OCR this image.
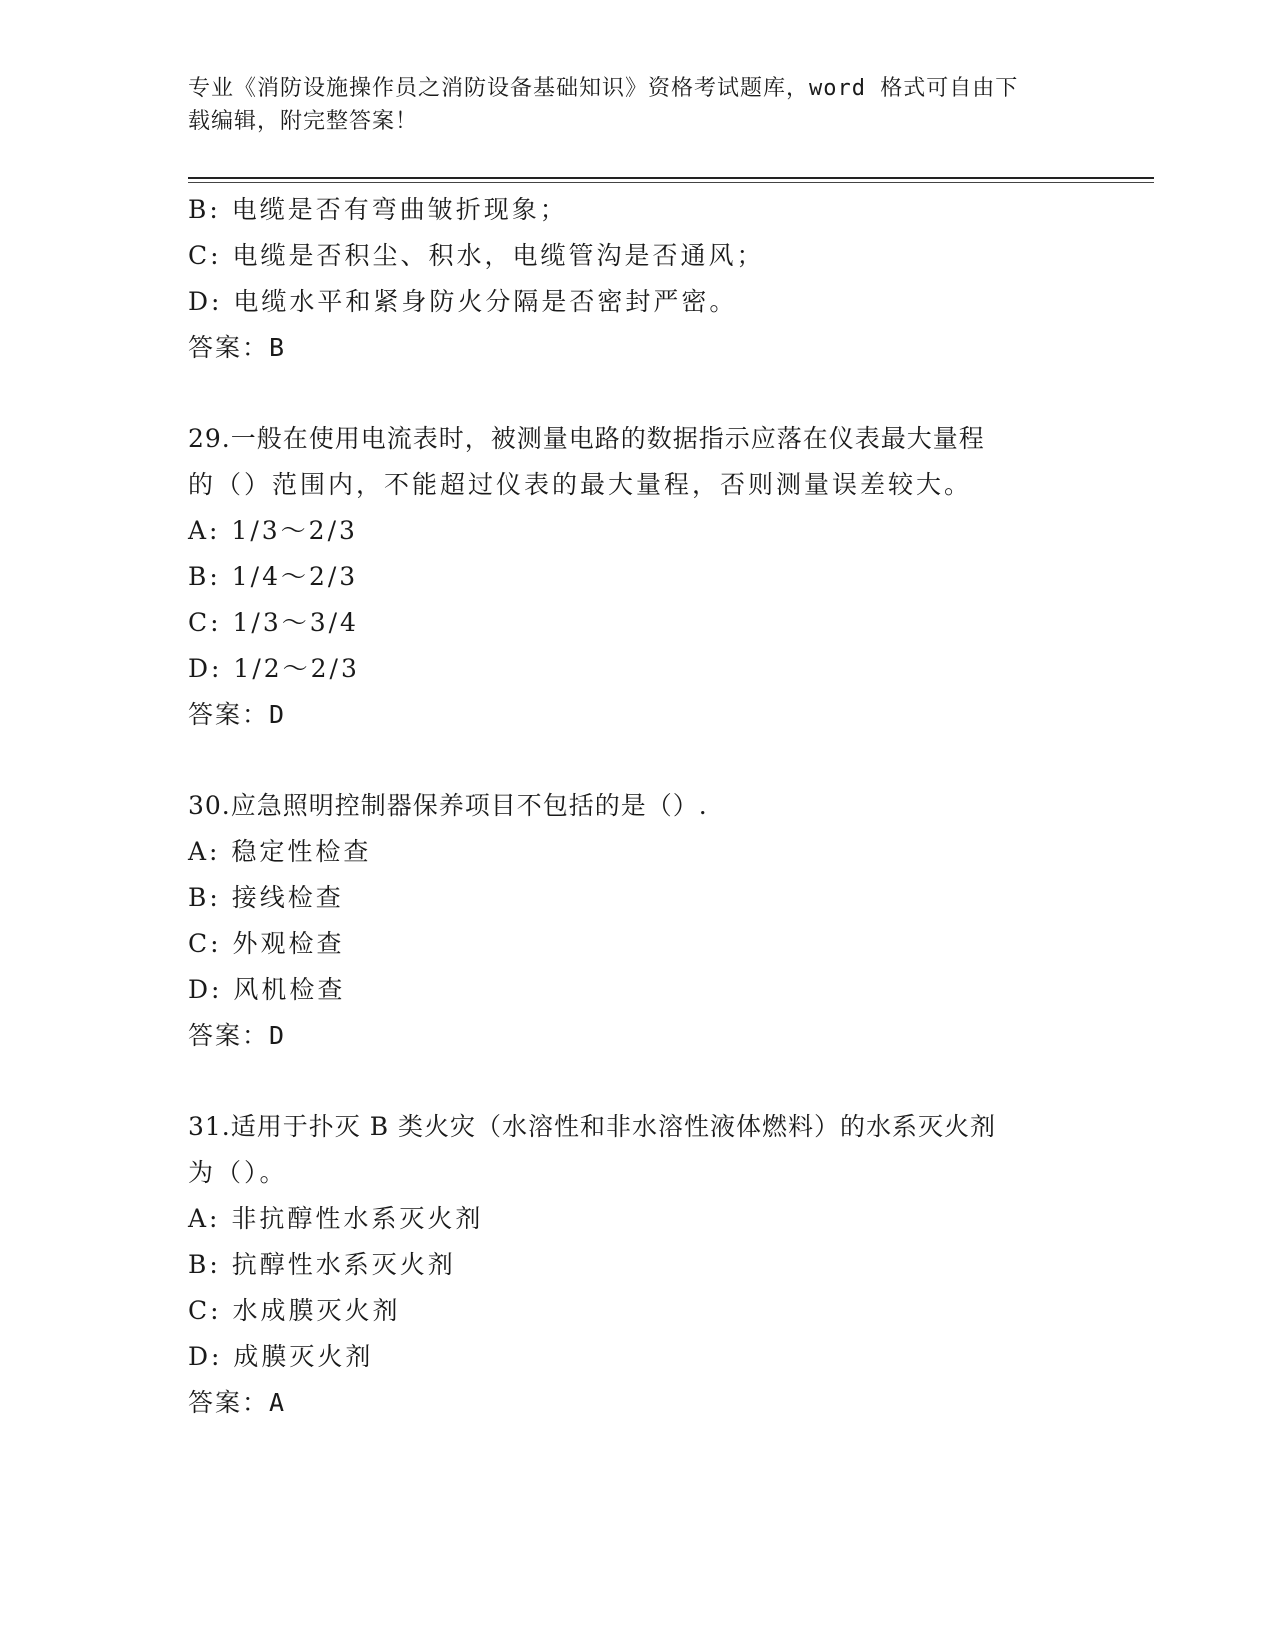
专业《消防设施操作员之消防设备基础知识》资格考试题库，word 格式可自由下
载编辑，附完整答案！
B: 电缆是否有弯曲皱折现象；
C: 电缆是否积尘、积水，电缆管沟是否通风；
D: 电缆水平和紧身防火分隔是否密封严密。
答案：B
29.一般在使用电流表时，被测量电路的数据指示应落在仪表最大量程
的（）范围内，不能超过仪表的最大量程，否则测量误差较大。
A: 1/3～2/3
B: 1/4～2/3
C: 1/3～3/4
D: 1/2～2/3
答案：D
30.应急照明控制器保养项目不包括的是（）.
A: 稳定性检查
B: 接线检查
C: 外观检查
D: 风机检查
答案：D
31.适用于扑灭 B 类火灾（水溶性和非水溶性液体燃料）的水系灭火剂
为（）。
A: 非抗醇性水系灭火剂
B: 抗醇性水系灭火剂
C: 水成膜灭火剂
D: 成膜灭火剂
答案：A
